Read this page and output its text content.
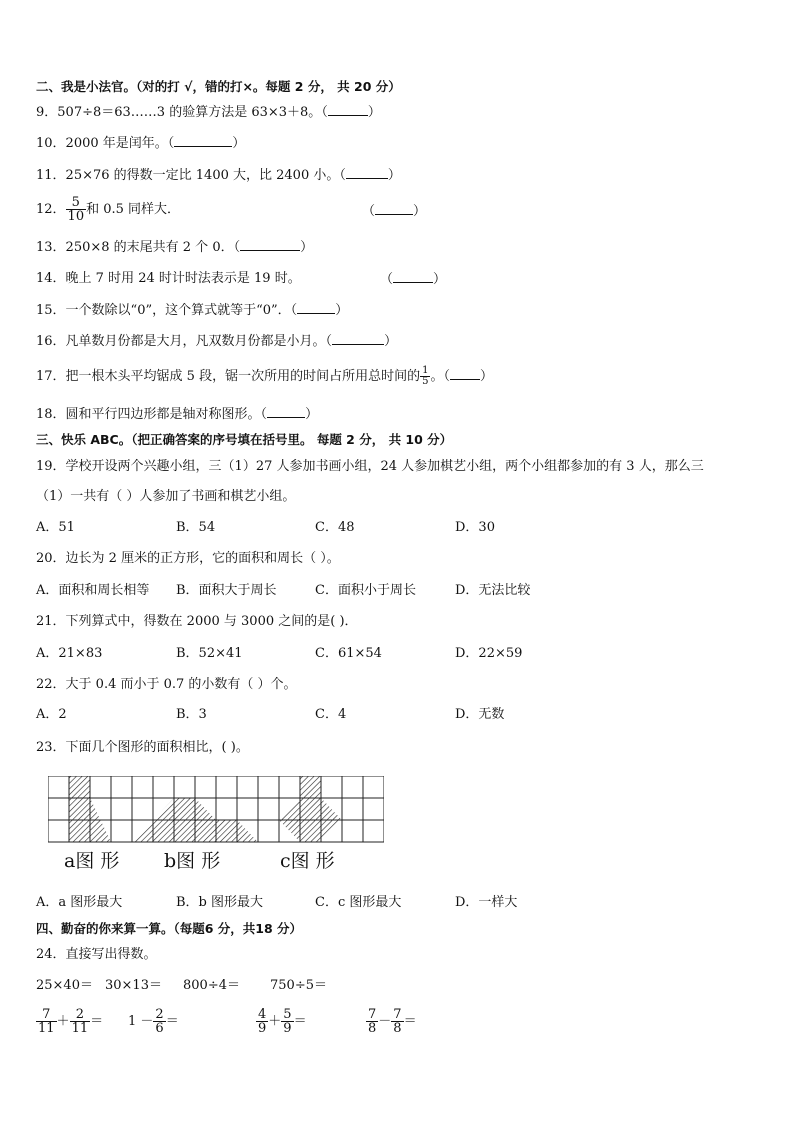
二、我是小法官。（对的打 √，错的打×。每题 2 分， 共 20 分）
9．507÷8＝63……3 的验算方法是 63×3＋8。（	）
10．2000 年是闰年。（	）
11．25×76 的得数一定比 1400 大，比 2400 小。（	）
12． $\frac{5}{10}$ 和 0.5 同样大．	（	）
13．250×8 的末尾共有 2 个 0．（	）
14．晚上 7 时用 24 时计时法表示是 19 时。	（	）
15．一个数除以“0”，这个算式就等于“0”．（	）
16．凡单数月份都是大月，凡双数月份都是小月。（	）
17．把一根木头平均锯成 5 段，锯一次所用的时间占所用总时间的 $\frac{1}{5}$ 。（ ）
18．圆和平行四边形都是轴对称图形。（	）
三、快乐 ABC。（把正确答案的序号填在括号里。 每题 2 分， 共 10 分）
19．学校开设两个兴趣小组，三（1）27 人参加书画小组，24 人参加棋艺小组，两个小组都参加的有 3 人，那么三
（1）一共有（ ）人参加了书画和棋艺小组。
A．51	B．54	C．48	D．30
20．边长为 2 厘米的正方形，它的面积和周长（ ）。
A．面积和周长相等 B．面积大于周长	C．面积小于周长	D．无法比较
21．下列算式中，得数在 2000 与 3000 之间的是( )．
A．21×83	B．52×41	C．61×54	D．22×59
22．大于 0.4 而小于 0.7 的小数有（ ）个。
A．2	B．3	C．4	D．无数
23．下面几个图形的面积相比，( )。
a图 形 b图 形	c图 形
A．a 图形最大	B．b 图形最大	C．c 图形最大	D．一样大
四、勤奋的你来算一算。（每题6 分，共18 分）
24．直接写出得数。
25×40＝ 30×13＝ 800÷4＝ 750÷5＝
$\frac{7}{11} + \frac{2}{11} = 1 - \frac{2}{6}$ ＝	$\frac{4}{9} + \frac{5}{9}$ ＝	$\frac{7}{8} - \frac{7}{8}$ ＝
